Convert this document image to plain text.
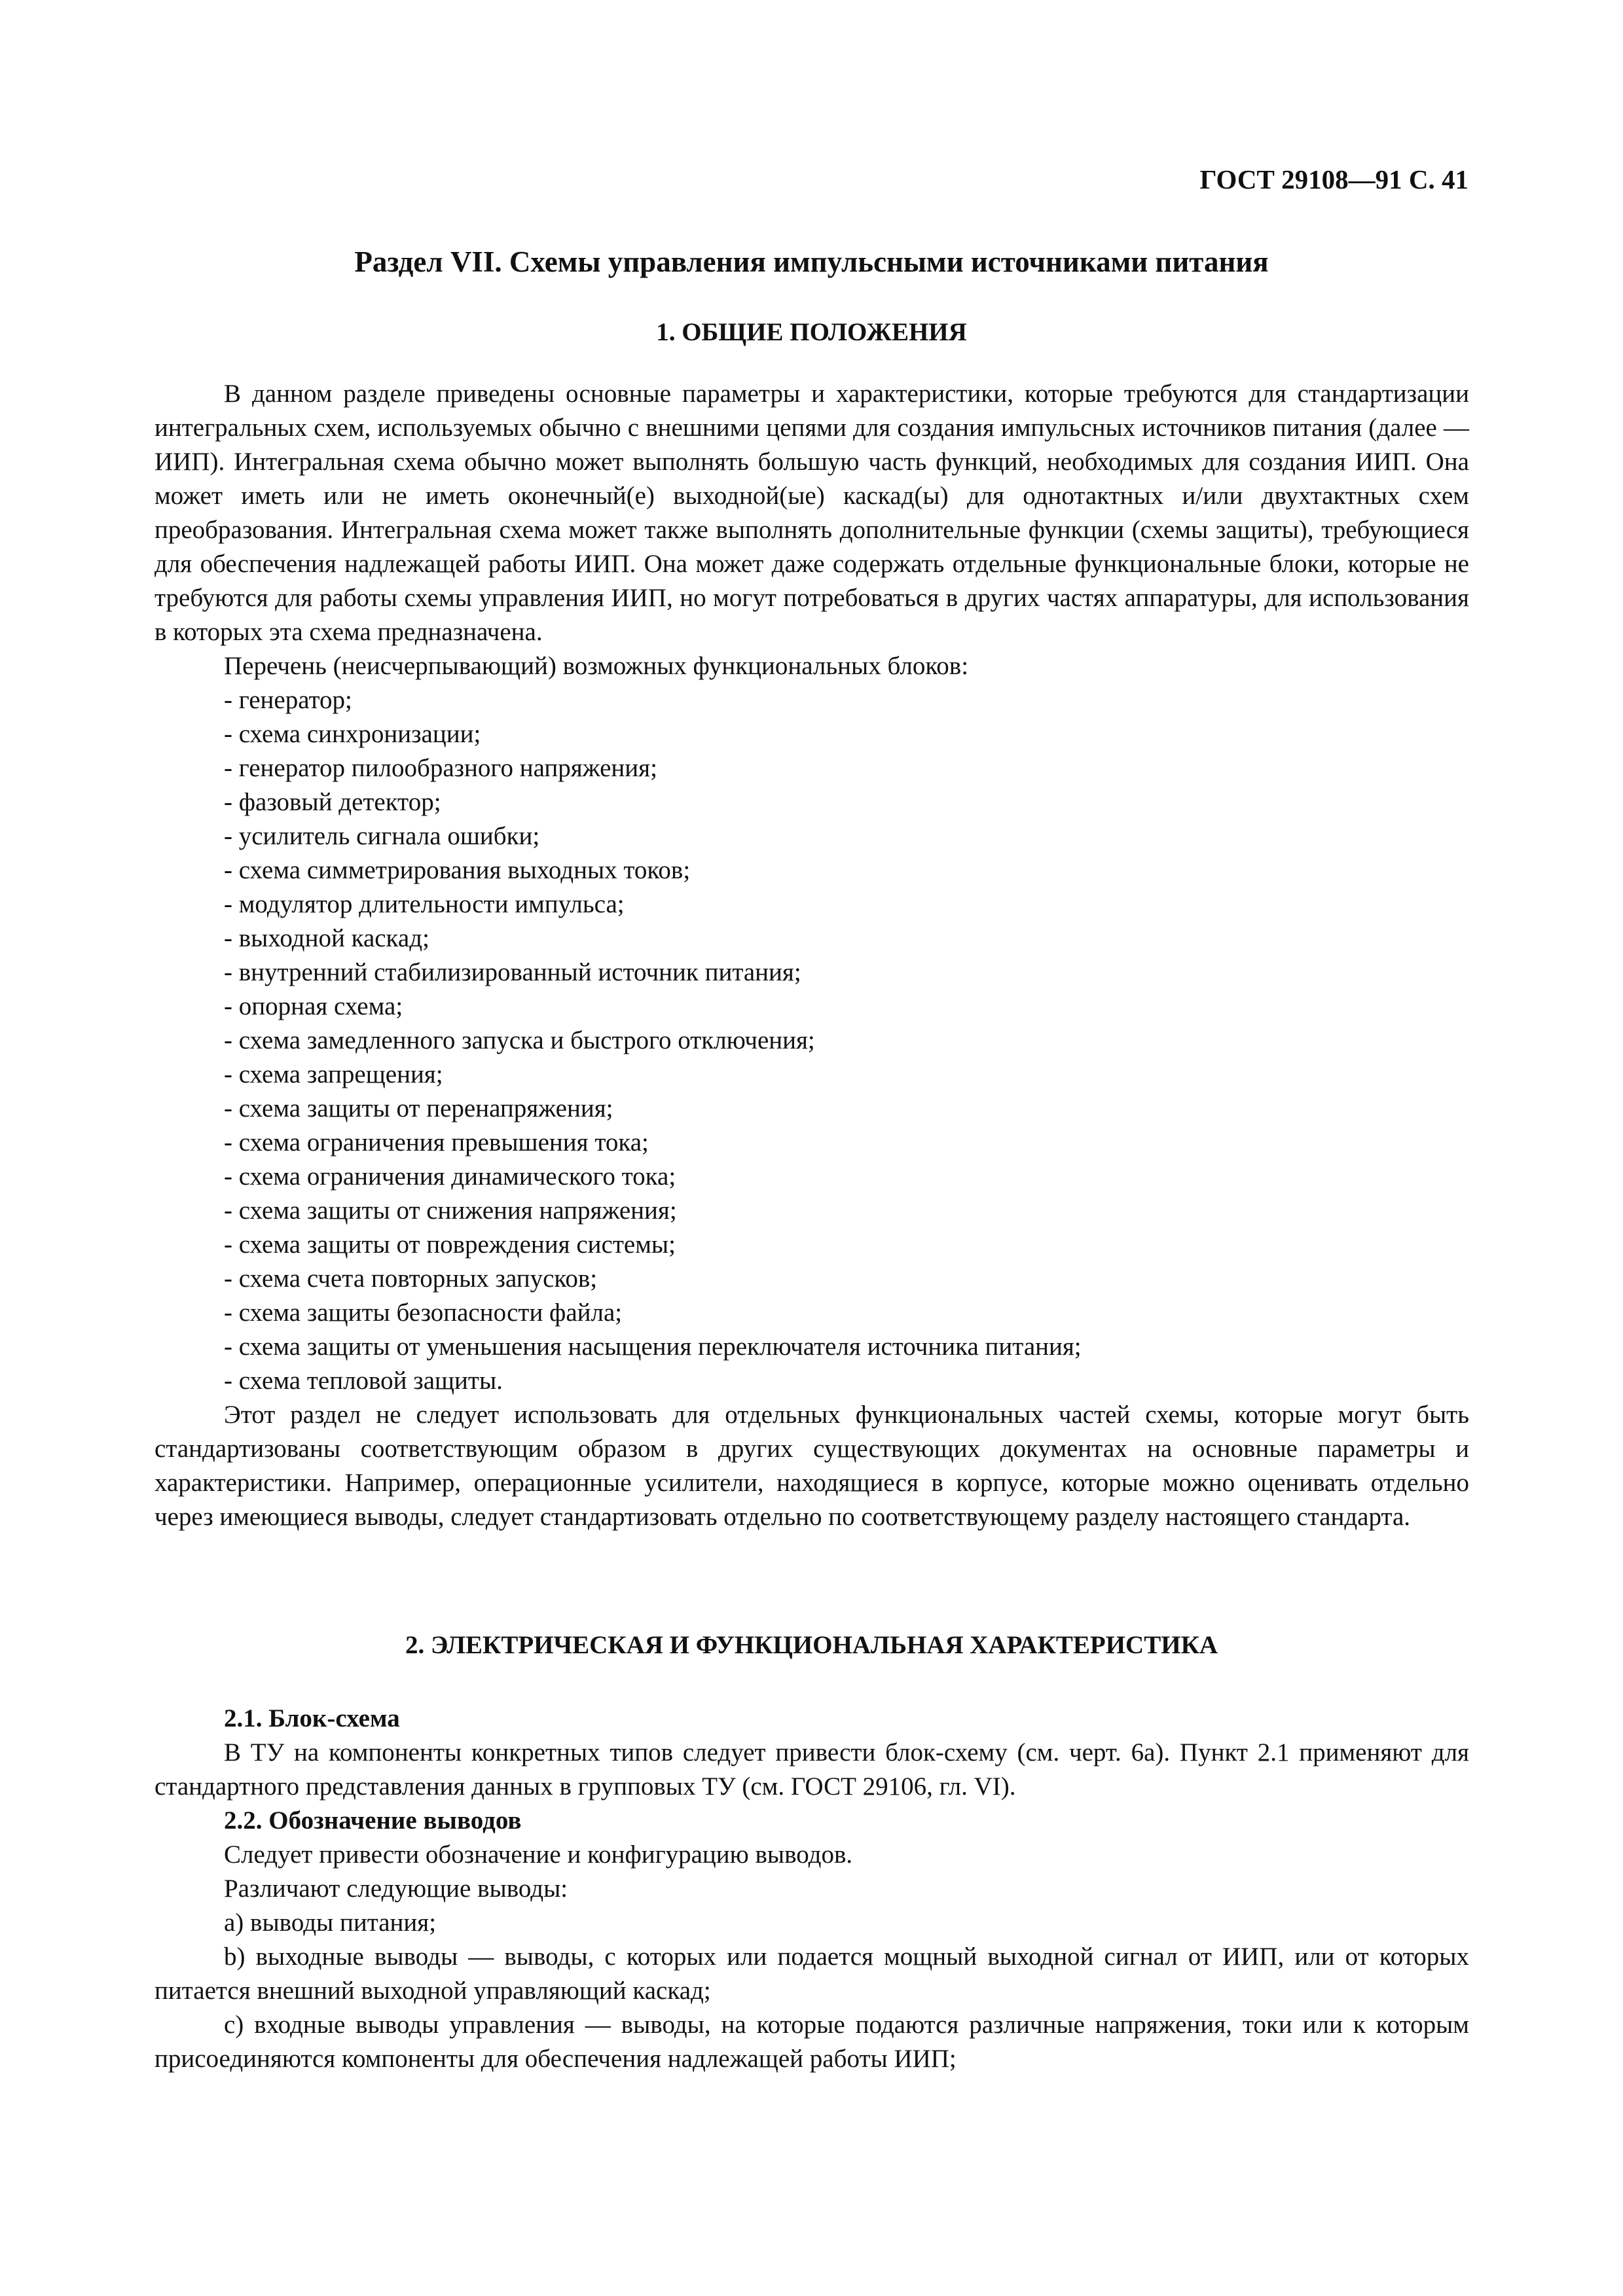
ГОСТ 29108—91 С. 41
Раздел VII. Схемы управления импульсными источниками питания
1. ОБЩИЕ ПОЛОЖЕНИЯ

В данном разделе приведены основные параметры и характеристики, которые требуются для стандартизации интегральных схем, используемых обычно с внешними цепями для создания импульсных источников питания (далее — ИИП). Интегральная схема обычно может выполнять большую часть функций, необходимых для создания ИИП. Она может иметь или не иметь оконечный(е) выходной(ые) каскад(ы) для однотактных и/или двухтактных схем преобразования. Интегральная схема может также выполнять дополнительные функции (схемы защиты), требующиеся для обеспечения надлежащей работы ИИП. Она может даже содержать отдельные функциональные блоки, которые не требуются для работы схемы управления ИИП, но могут потребоваться в других частях аппаратуры, для использования в которых эта схема предназначена.

Перечень (неисчерпывающий) возможных функциональных блоков:
- генератор;
- схема синхронизации;
- генератор пилообразного напряжения;
- фазовый детектор;
- усилитель сигнала ошибки;
- схема симметрирования выходных токов;
- модулятор длительности импульса;
- выходной каскад;
- внутренний стабилизированный источник питания;
- опорная схема;
- схема замедленного запуска и быстрого отключения;
- схема запрещения;
- схема защиты от перенапряжения;
- схема ограничения превышения тока;
- схема ограничения динамического тока;
- схема защиты от снижения напряжения;
- схема защиты от повреждения системы;
- схема счета повторных запусков;
- схема защиты безопасности файла;
- схема защиты от уменьшения насыщения переключателя источника питания;
- схема тепловой защиты.

Этот раздел не следует использовать для отдельных функциональных частей схемы, которые могут быть стандартизованы соответствующим образом в других существующих документах на основные параметры и характеристики. Например, операционные усилители, находящиеся в корпусе, которые можно оценивать отдельно через имеющиеся выводы, следует стандартизовать отдельно по соответствующему разделу настоящего стандарта.

2. ЭЛЕКТРИЧЕСКАЯ И ФУНКЦИОНАЛЬНАЯ ХАРАКТЕРИСТИКА
2.1. Блок-схема

В ТУ на компоненты конкретных типов следует привести блок-схему (см. черт. 6а). Пункт 2.1 применяют для стандартного представления данных в групповых ТУ (см. ГОСТ 29106, гл. VI).

2.2. Обозначение выводов
Следует привести обозначение и конфигурацию выводов.
Различают следующие выводы:
а) выводы питания;

b) выходные выводы — выводы, с которых или подается мощный выходной сигнал от ИИП, или от которых питается внешний выходной управляющий каскад;

с) входные выводы управления — выводы, на которые подаются различные напряжения, токи или к которым присоединяются компоненты для обеспечения надлежащей работы ИИП;
